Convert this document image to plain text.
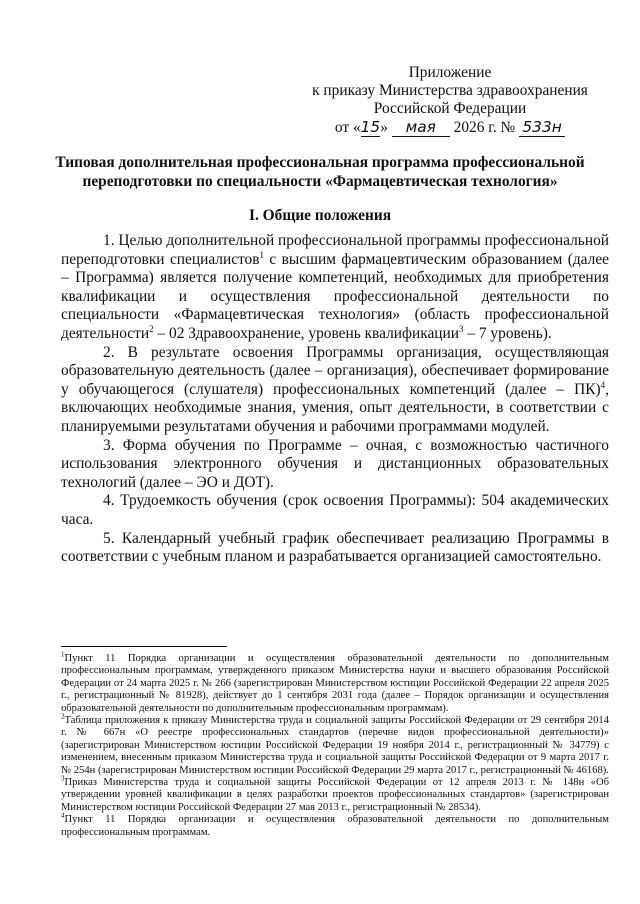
Приложение
к приказу Министерства здравоохранения
Российской Федерации
от «15» мая 2026 г. № 533н
Типовая дополнительная профессиональная программа профессиональной
переподготовки по специальности «Фармацевтическая технология»
I. Общие положения

1. Целью дополнительной профессиональной программы профессиональной переподготовки специалистов$^1$ с высшим фармацевтическим образованием (далее – Программа) является получение компетенций, необходимых для приобретения квалификации и осуществления профессиональной деятельности по специальности «Фармацевтическая технология» (область профессиональной деятельности$^2$ – 02 Здравоохранение, уровень квалификации$^3$ – 7 уровень).

2. В результате освоения Программы организация, осуществляющая образовательную деятельность (далее – организация), обеспечивает формирование у обучающегося (слушателя) профессиональных компетенций (далее – ПК)$^4$, включающих необходимые знания, умения, опыт деятельности, в соответствии с планируемыми результатами обучения и рабочими программами модулей.

3. Форма обучения по Программе – очная, с возможностью частичного использования электронного обучения и дистанционных образовательных технологий (далее – ЭО и ДОТ).

4. Трудоемкость обучения (срок освоения Программы): 504 академических часа.

5. Календарный учебный график обеспечивает реализацию Программы в соответствии с учебным планом и разрабатывается организацией самостоятельно.

$^1$Пункт 11 Порядка организации и осуществления образовательной деятельности по дополнительным профессиональным программам, утвержденного приказом Министерства науки и высшего образования Российской Федерации от 24 марта 2025 г. № 266 (зарегистрирован Министерством юстиции Российской Федерации 22 апреля 2025 г., регистрационный № 81928), действует до 1 сентября 2031 года (далее – Порядок организации и осуществления образовательной деятельности по дополнительным профессиональным программам).

$^2$Таблица приложения к приказу Министерства труда и социальной защиты Российской Федерации от 29 сентября 2014 г. № 667н «О реестре профессиональных стандартов (перечне видов профессиональной деятельности)» (зарегистрирован Министерством юстиции Российской Федерации 19 ноября 2014 г., регистрационный № 34779) с изменением, внесенным приказом Министерства труда и социальной защиты Российской Федерации от 9 марта 2017 г. № 254н (зарегистрирован Министерством юстиции Российской Федерации 29 марта 2017 г., регистрационный № 46168).

$^3$Приказ Министерства труда и социальной защиты Российской Федерации от 12 апреля 2013 г. № 148н «Об утверждении уровней квалификации в целях разработки проектов профессиональных стандартов» (зарегистрирован Министерством юстиции Российской Федерации 27 мая 2013 г., регистрационный № 28534).

$^4$Пункт 11 Порядка организации и осуществления образовательной деятельности по дополнительным профессиональным программам.
